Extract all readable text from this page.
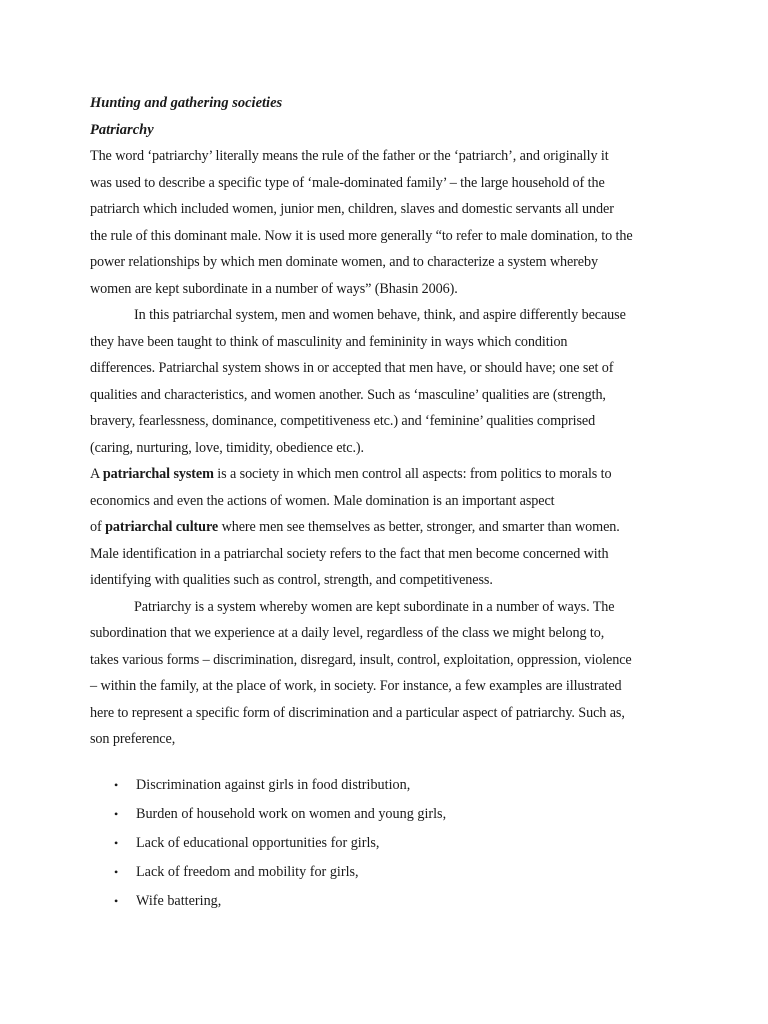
Hunting and gathering societies

Patriarchy

The word ‘patriarchy’ literally means the rule of the father or the ‘patriarch’, and originally it
was used to describe a specific type of ‘male-dominated family’ – the large household of the
patriarch which included women, junior men, children, slaves and domestic servants all under
the rule of this dominant male. Now it is used more generally “to refer to male domination, to the
power relationships by which men dominate women, and to characterize a system whereby
women are kept subordinate in a number of ways” (Bhasin 2006).

In this patriarchal system, men and women behave, think, and aspire differently because
they have been taught to think of masculinity and femininity in ways which condition
differences. Patriarchal system shows in or accepted that men have, or should have; one set of
qualities and characteristics, and women another. Such as ‘masculine’ qualities are (strength,
bravery, fearlessness, dominance, competitiveness etc.) and ‘feminine’ qualities comprised
(caring, nurturing, love, timidity, obedience etc.).

A patriarchal system is a society in which men control all aspects: from politics to morals to
economics and even the actions of women. Male domination is an important aspect
of patriarchal culture where men see themselves as better, stronger, and smarter than women.
Male identification in a patriarchal society refers to the fact that men become concerned with
identifying with qualities such as control, strength, and competitiveness.

Patriarchy is a system whereby women are kept subordinate in a number of ways. The
subordination that we experience at a daily level, regardless of the class we might belong to,
takes various forms – discrimination, disregard, insult, control, exploitation, oppression, violence
– within the family, at the place of work, in society. For instance, a few examples are illustrated
here to represent a specific form of discrimination and a particular aspect of patriarchy. Such as,
son preference,

• Discrimination against girls in food distribution,
• Burden of household work on women and young girls,
• Lack of educational opportunities for girls,
• Lack of freedom and mobility for girls,
• Wife battering,
